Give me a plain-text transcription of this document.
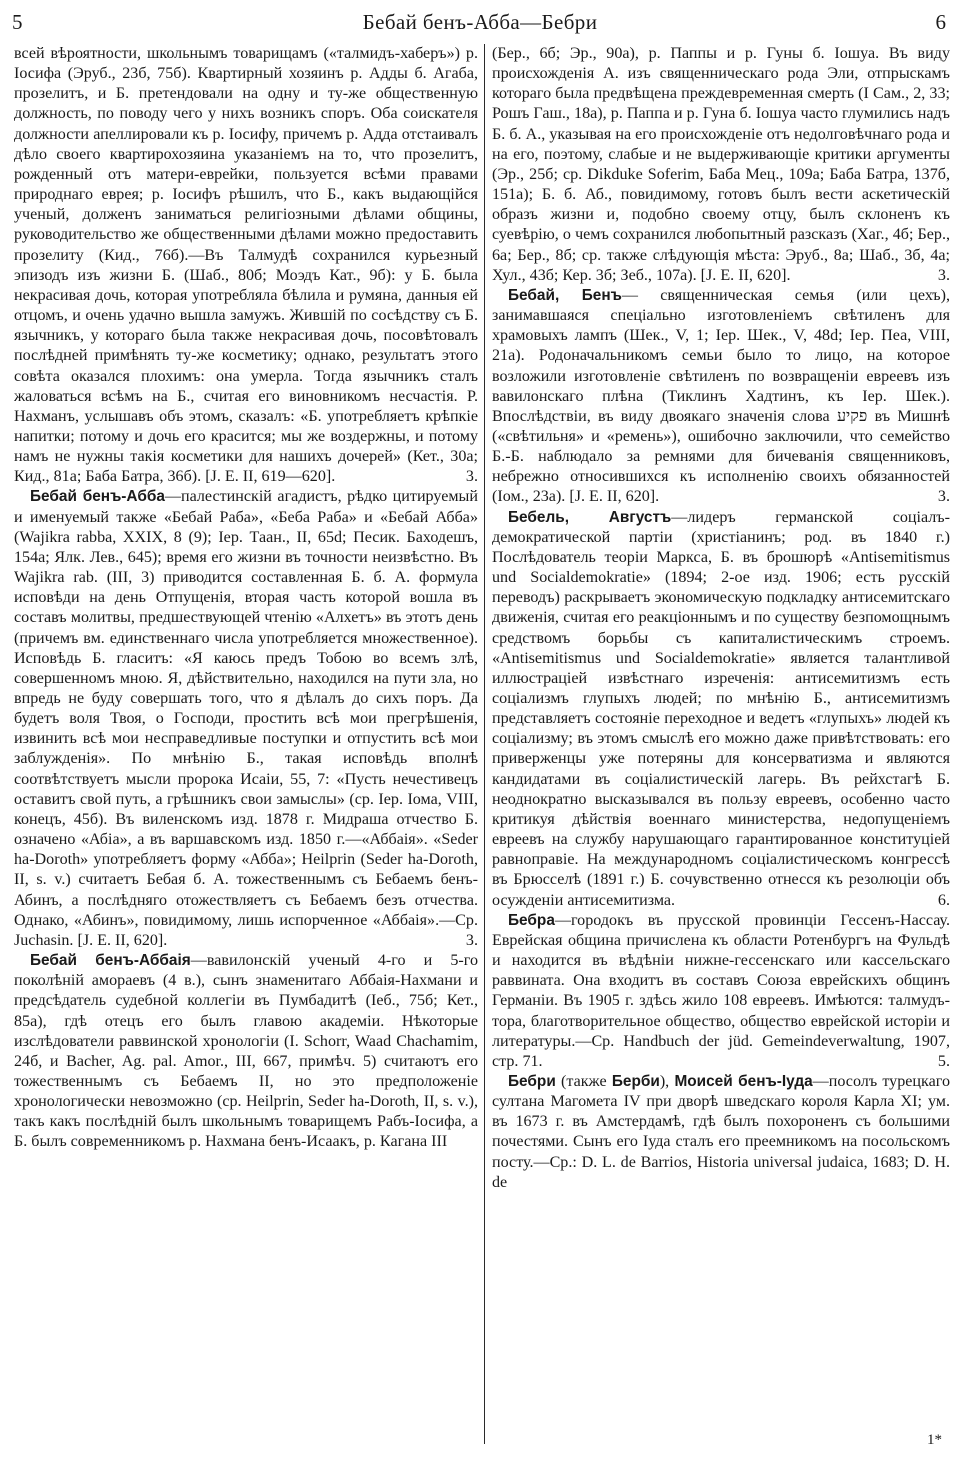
5	Бебай бенъ-Абба—Бебри	6

всей вѣроятности, школьнымъ товарищамъ («талмидъ-хаберъ») р. Іосифа (Эруб., 23б, 75б). Квартирный хозяинъ р. Адды б. Агаба, прозелитъ, и Б. претендовали на одну и ту-же общественную должность, по поводу чего у нихъ возникъ споръ. Оба соискателя должности апеллировали къ р. Іосифу, причемъ р. Адда отстаивалъ дѣло своего квартирохозяина указаніемъ на то, что прозелитъ, рожденный отъ матери-еврейки, пользуется всѣми правами природнаго еврея; р. Іосифъ рѣшилъ, что Б., какъ выдающійся ученый, долженъ заниматься религіозными дѣлами общины, руководительство же общественными дѣлами можно предоставить прозелиту (Кид., 76б).—Въ Талмудѣ сохранился курьезный эпизодъ изъ жизни Б. (Шаб., 80б; Моэдъ Кат., 9б): у Б. была некрасивая дочь, которая употребляла бѣлила и румяна, данныя ей отцомъ, и очень удачно вышла замужъ. Жившій по сосѣдству съ Б. язычникъ, у котораго была также некрасивая дочь, посовѣтовалъ послѣдней примѣнять ту-же косметику; однако, результатъ этого совѣта оказался плохимъ: она умерла. Тогда язычникъ сталъ жаловаться всѣмъ на Б., считая его виновникомъ несчастія. Р. Нахманъ, услышавъ объ этомъ, сказалъ: «Б. употребляетъ крѣпкіе напитки; потому и дочь его красится; мы же воздержны, и потому намъ не нужны такія косметики для нашихъ дочерей» (Кет., 30а; Кид., 81а; Баба Батра, 36б). [J. E. II, 619—620].	3.

Бебай бенъ-Абба—палестинскій агадистъ, рѣдко цитируемый и именуемый также «Бебай Раба», «Беба Раба» и «Бебай Абба» (Wajikra rabba, XXIX, 8 (9); Іер. Таан., II, 65d; Песик. Баходешъ, 154а; Ялк. Лев., 645); время его жизни въ точности неизвѣстно. Въ Wajikra rab. (III, 3) приводится составленная Б. б. А. формула исповѣди на день Отпущенія, вторая часть которой вошла въ составъ молитвы, предшествующей чтенію «Алхетъ» въ этотъ день (причемъ вм. единственнаго числа употребляется множественное). Исповѣдь Б. гласитъ: «Я каюсь предъ Тобою во всемъ злѣ, совершенномъ мною. Я, дѣйствительно, находился на пути зла, но впредь не буду совершать того, что я дѣлалъ до сихъ поръ. Да будетъ воля Твоя, о Господи, простить всѣ мои прегрѣшенія, извинить всѣ мои несправедливые поступки и отпустить всѣ мои заблужденія». По мнѣнію Б., такая исповѣдь вполнѣ соотвѣтствуетъ мысли пророка Исаіи, 55, 7: «Пусть нечестивецъ оставитъ свой путь, а грѣшникъ свои замыслы» (ср. Іер. Іома, VIII, конецъ, 45б). Въ виленскомъ изд. 1878 г. Мидраша отчество Б. означено «Абіа», а въ варшавскомъ изд. 1850 г.—«Аббаія». «Seder ha-Doroth» употребляетъ форму «Абба»; Heilprin (Seder ha-Doroth, II, s. v.) считаетъ Бебая б. А. тожественнымъ съ Бебаемъ бенъ-Абинъ, а послѣдняго отожествляетъ съ Бебаемъ безъ отчества. Однако, «Абинъ», повидимому, лишь испорченное «Аббаія».—Ср. Juchasin. [J. E. II, 620].	3.

Бебай бенъ-Аббаія—вавилонскій ученый 4-го и 5-го поколѣній амораевъ (4 в.), сынъ знаменитаго Аббаія-Нахмани и предсѣдатель судебной коллегіи въ Пумбадитѣ (Іеб., 75б; Кет., 85а), гдѣ отецъ его былъ главою академіи. Нѣкоторые изслѣдователи раввинской хронологіи (I. Schorr, Waad Chachamim, 24б, и Bacher, Ag. pal. Amor., III, 667, примѣч. 5) считаютъ его тожественнымъ съ Бебаемъ II, но это предположеніе хронологически невозможно (ср. Heilprin, Seder ha-Doroth, II, s. v.), такъ какъ послѣдній былъ школьнымъ товарищемъ Рабъ-Іосифа, а Б. былъ современникомъ р. Нахмана бенъ-Исаакъ, р. Кагана III

(Бер., 6б; Эр., 90а), р. Паппы и р. Гуны б. Іошуа. Въ виду происхожденія А. изъ священническаго рода Эли, отпрыскамъ котораго была предвѣщена преждевременная смерть (I Сам., 2, 33; Рошъ Гаш., 18а), р. Паппа и р. Гуна б. Іошуа часто глумились надъ Б. б. А., указывая на его происхожденіе отъ недолговѣчнаго рода и на его, поэтому, слабые и не выдерживающіе критики аргументы (Эр., 25б; ср. Dikduke Soferim, Баба Мец., 109а; Баба Батра, 137б, 151а); Б. б. Аб., повидимому, готовъ былъ вести аскетическій образъ жизни и, подобно своему отцу, былъ склоненъ къ суевѣрію, о чемъ сохранился любопытный разсказъ (Хаг., 4б; Бер., 6а; Бер., 8б; ср. также слѣдующія мѣста: Эруб., 8а; Шаб., 3б, 4а; Хул., 43б; Кер. 3б; Зеб., 107а). [J. E. II, 620].	3.

Бебай, Бенъ— священническая семья (или цехъ), занимавшаяся спеціально изготовленіемъ свѣтиленъ для храмовыхъ лампъ (Шек., V, 1; Іер. Шек., V, 48d; Іер. Пеа, VIII, 21а). Родоначальникомъ семьи было то лицо, на которое возложили изготовленіе свѣтиленъ по возвращеніи евреевъ изъ вавилонскаго плѣна (Тиклинъ Хадтинъ, къ Іер. Шек.). Впослѣдствіи, въ виду двоякаго значенія слова פקיע въ Мишнѣ («свѣтильня» и «ремень»), ошибочно заключили, что семейство Б.-Б. наблюдало за ремнями для бичеванія священниковъ, небрежно относившихся къ исполненію своихъ обязанностей (Іом., 23а). [J. E. II, 620].	3.

Бебель, Августъ—лидеръ германской соціалъ-демократической партіи (христіанинъ; род. въ 1840 г.) Послѣдователь теоріи Маркса, Б. въ брошюрѣ «Antisemitismus und Socialdemokratie» (1894; 2-ое изд. 1906; есть русскій переводъ) раскрываетъ экономическую подкладку антисемитскаго движенія, считая его реакціоннымъ и по существу безпомощнымъ средствомъ борьбы съ капиталистическимъ строемъ. «Antisemitismus und Socialdemokratie» является талантливой иллюстраціей извѣстнаго изреченія: антисемитизмъ есть соціализмъ глупыхъ людей; по мнѣнію Б., антисемитизмъ представляетъ состояніе переходное и ведетъ «глупыхъ» людей къ соціализму; въ этомъ смыслѣ его можно даже привѣтствовать: его приверженцы уже потеряны для консерватизма и являются кандидатами въ соціалистическій лагерь. Въ рейхстагѣ Б. неоднократно высказывался въ пользу евреевъ, особенно часто критикуя дѣйствія военнаго министерства, недопущеніемъ евреевъ на службу нарушающаго гарантированное конституціей равноправіе. На международномъ соціалистическомъ конгрессѣ въ Брюсселѣ (1891 г.) Б. сочувственно отнесся къ резолюціи объ осужденіи антисемитизма.	6.

Бебра—городокъ въ прусской провинціи Гессенъ-Нассау. Еврейская община причислена къ области Ротенбургъ на Фульдѣ и находится въ вѣдѣніи нижне-гессенскаго или кассельскаго раввината. Она входитъ въ составъ Союза еврейскихъ общинъ Германіи. Въ 1905 г. здѣсь жило 108 евреевъ. Имѣются: талмудъ-тора, благотворительное общество, общество еврейской исторіи и литературы.—Ср. Handbuch der jüd. Gemeindeverwaltung, 1907, стр. 71.	5.

Бебри (также Берби), Моисей бенъ-Іуда—посолъ турецкаго султана Магомета IV при дворѣ шведскаго короля Карла XI; ум. въ 1673 г. въ Амстердамѣ, гдѣ былъ похороненъ съ большими почестями. Сынъ его Іуда сталъ его преемникомъ на посольскомъ посту.—Ср.: D. L. de Barrios, Historia universal judaica, 1683; D. H. de

1*
